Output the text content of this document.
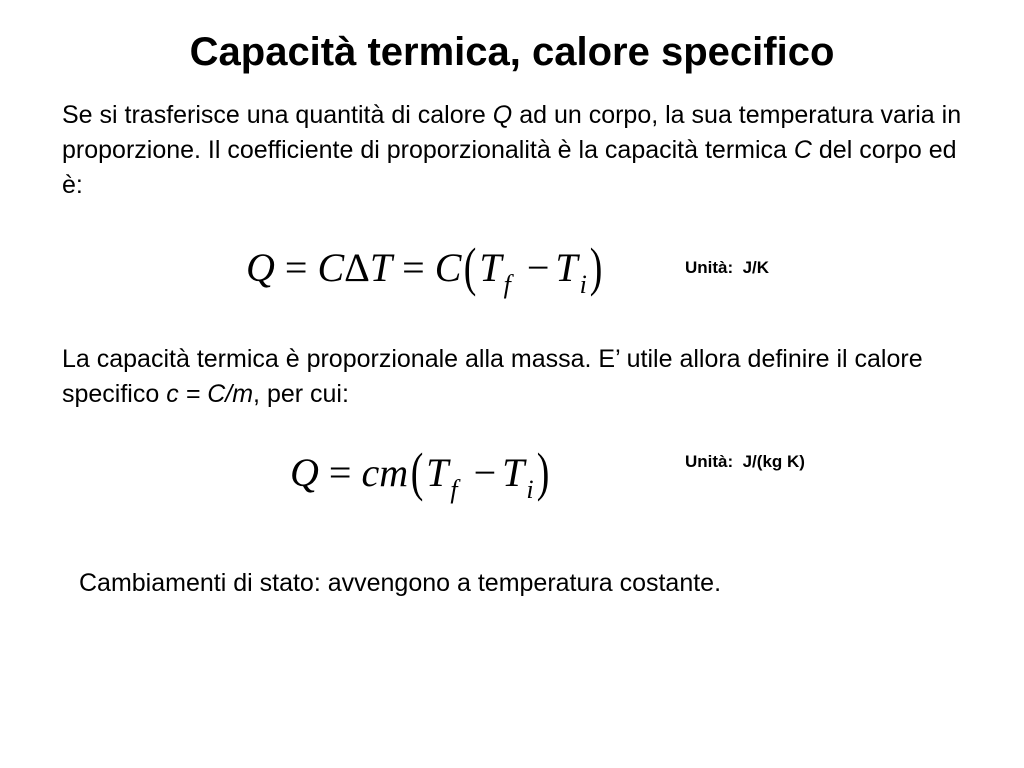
Capacità termica, calore specifico

Se si trasferisce una quantità di calore Q ad un corpo, la sua temperatura varia in proporzione. Il coefficiente di proporzionalità è la capacità termica C del corpo ed è:

$Q = C\Delta T = C(T_f - T_i)$	Unità:  J/K

La capacità termica è proporzionale alla massa. E’ utile allora definire il calore specifico c = C/m, per cui:

$Q = cm(T_f - T_i)$	Unità:  J/(kg K)

Cambiamenti di stato: avvengono a temperatura costante.
